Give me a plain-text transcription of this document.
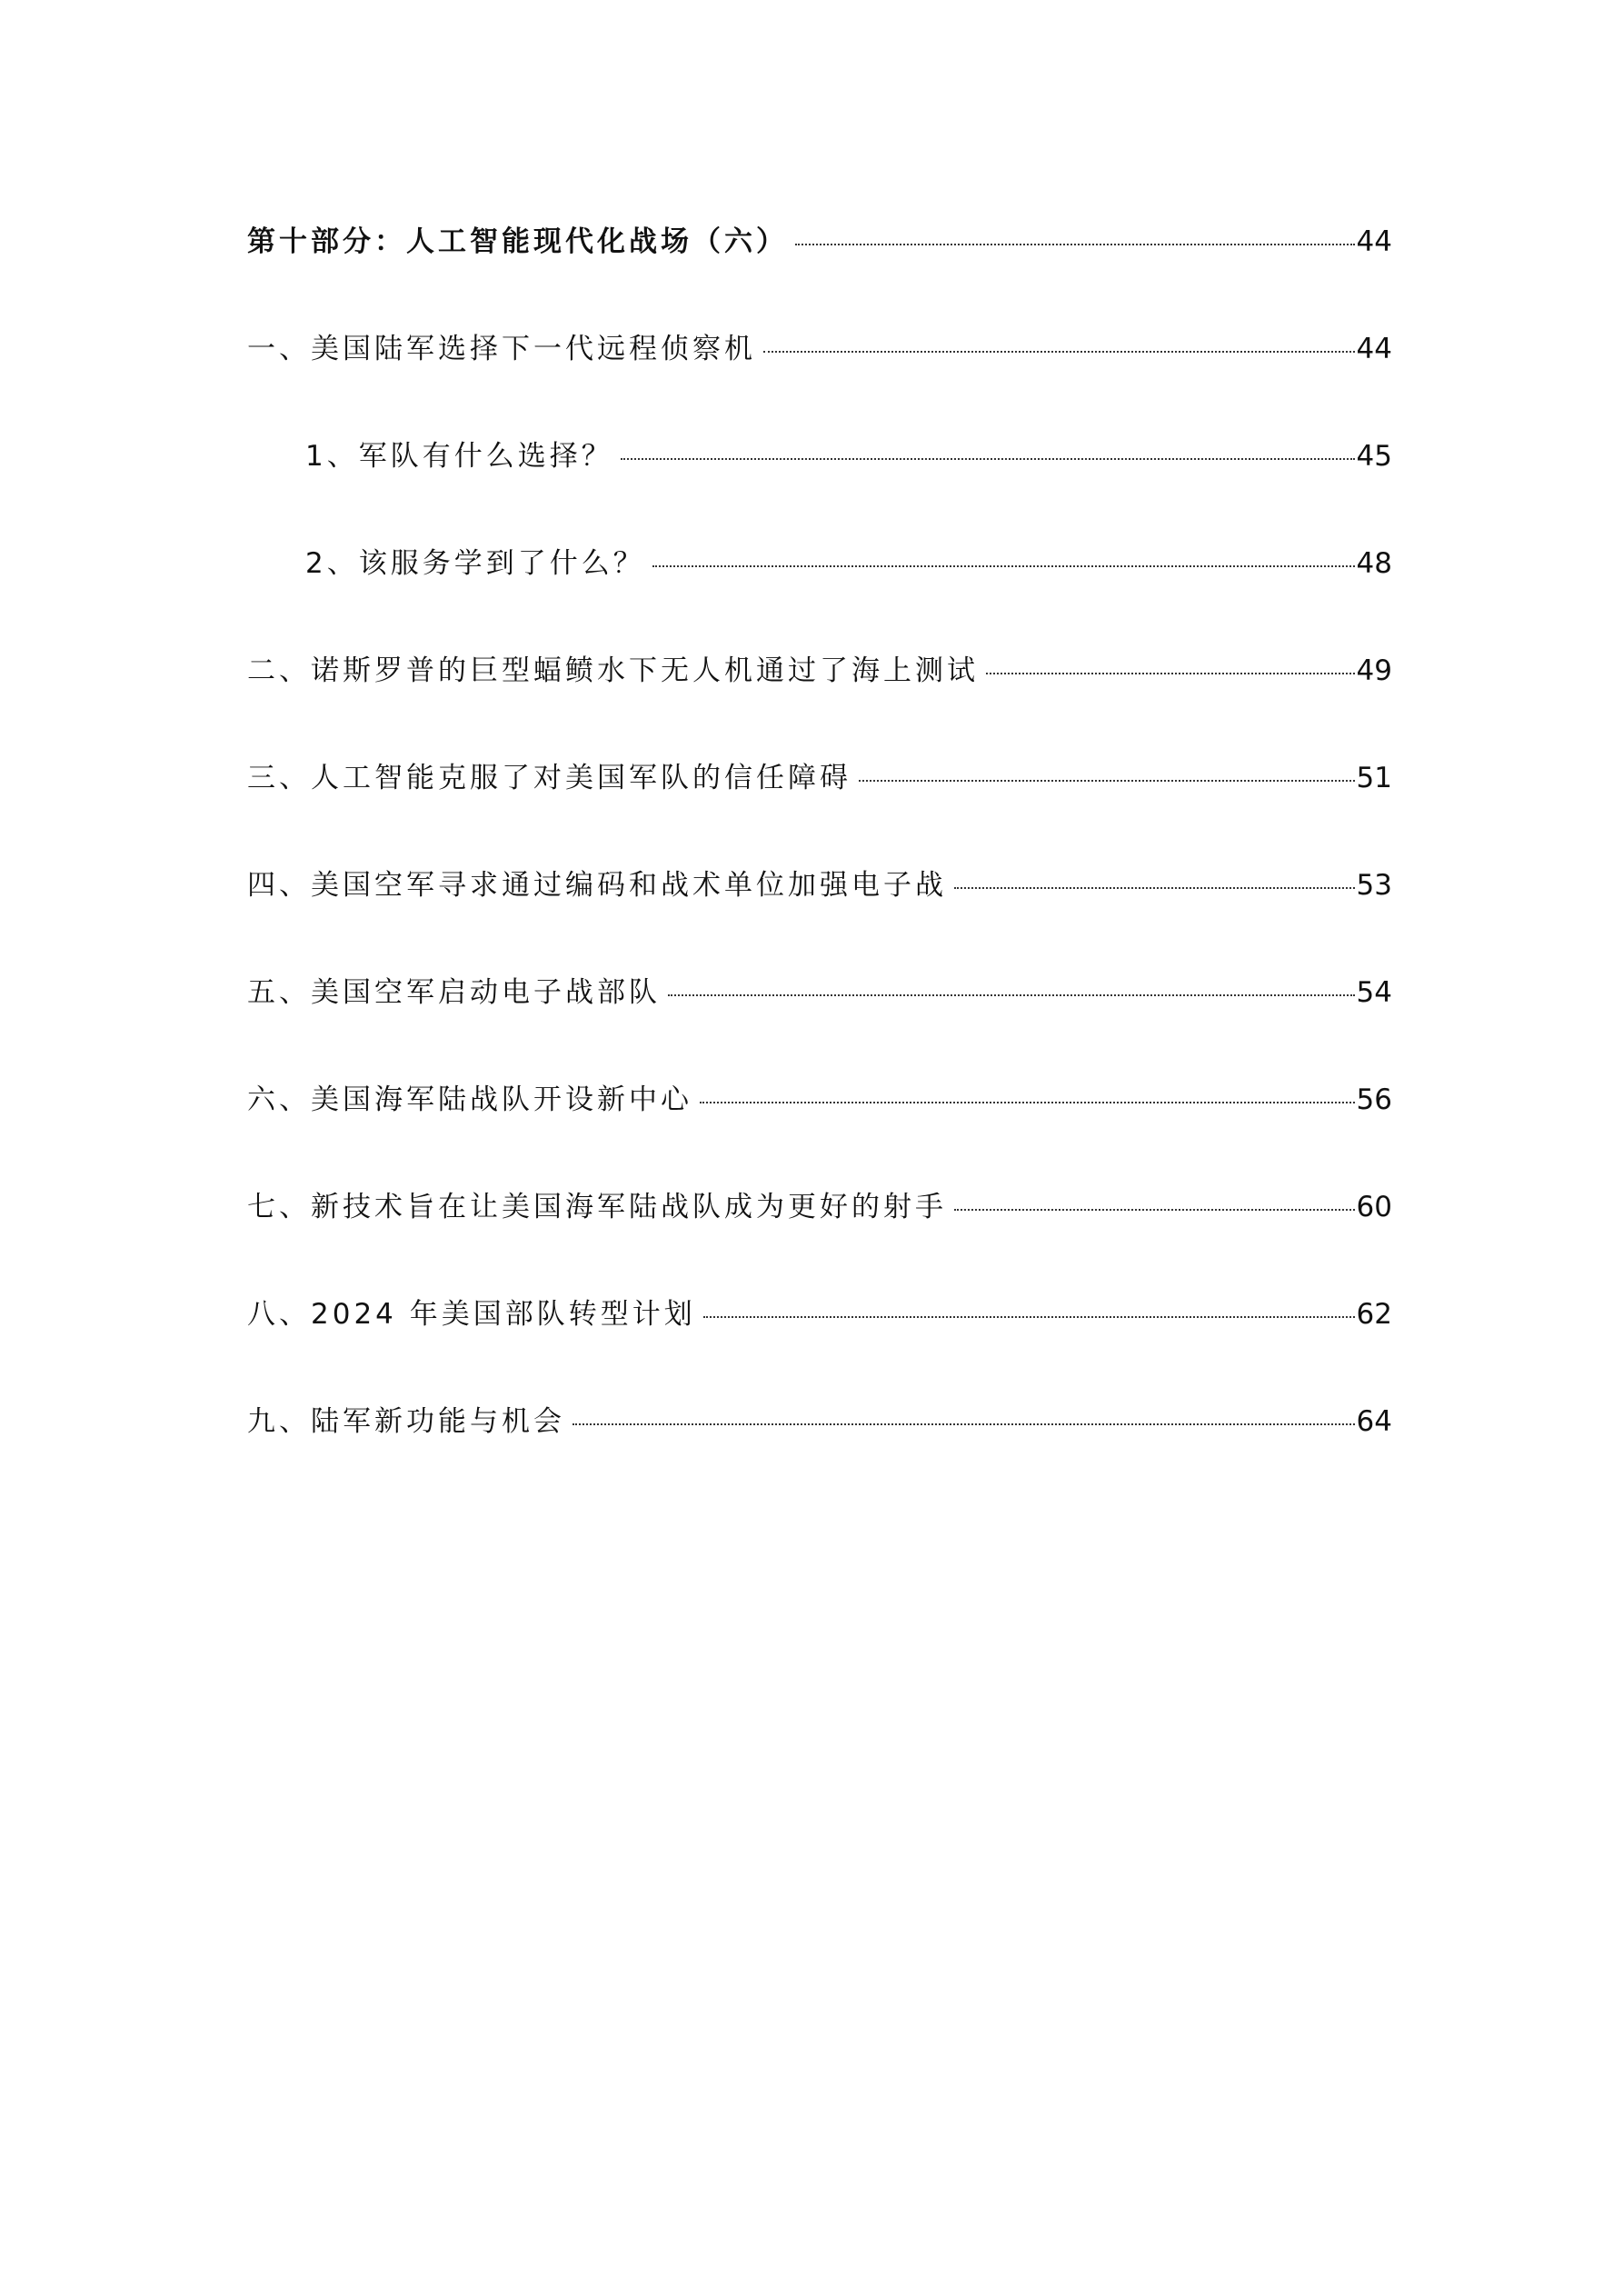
第十部分：人工智能现代化战场（六）	44
一、美国陆军选择下一代远程侦察机	44
1、军队有什么选择？	45
2、该服务学到了什么？	48
二、诺斯罗普的巨型蝠鲼水下无人机通过了海上测试	49
三、人工智能克服了对美国军队的信任障碍	51
四、美国空军寻求通过编码和战术单位加强电子战	53
五、美国空军启动电子战部队	54
六、美国海军陆战队开设新中心	56
七、新技术旨在让美国海军陆战队成为更好的射手	60
八、2024 年美国部队转型计划	62
九、陆军新功能与机会	64
